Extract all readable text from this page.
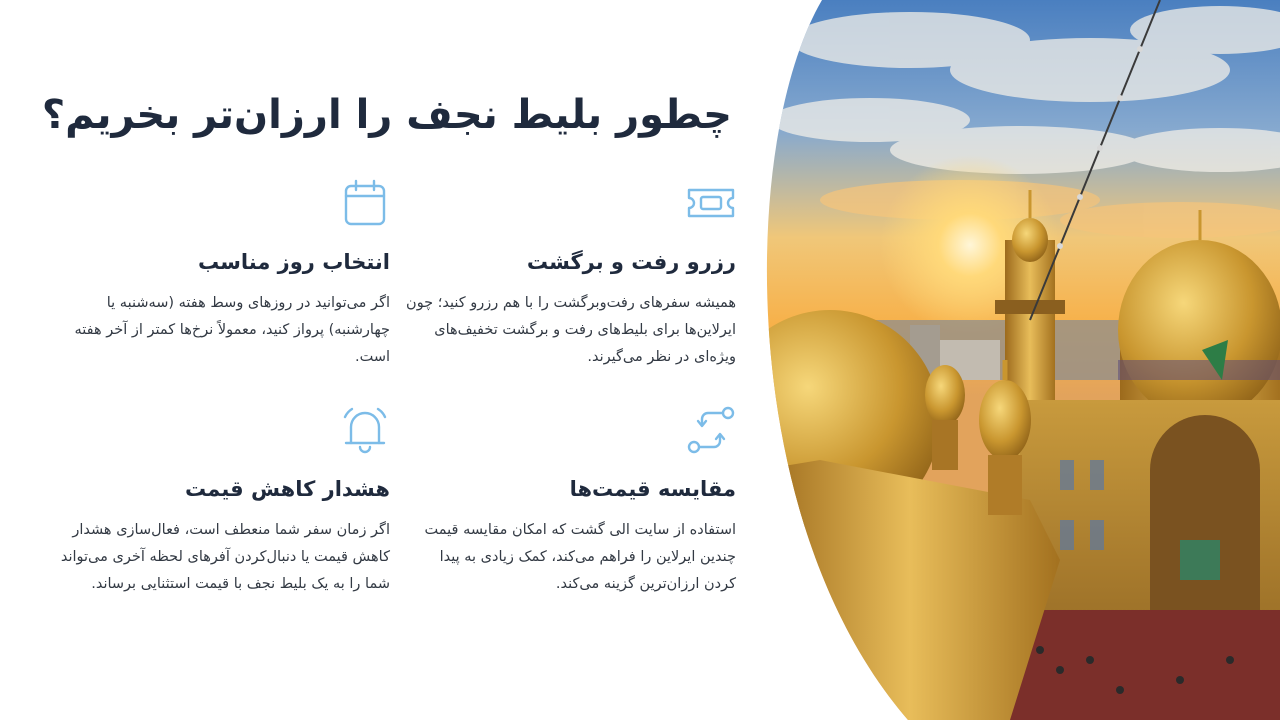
چطور بلیط نجف را ارزان‌تر بخریم؟
رزرو رفت و برگشت

همیشه سفرهای رفت‌وبرگشت را با هم رزرو کنید؛ چون ایرلاین‌ها برای بلیط‌های رفت و برگشت تخفیف‌های ویژه‌ای در نظر می‌گیرند.

انتخاب روز مناسب

اگر می‌توانید در روزهای وسط هفته (سه‌شنبه یا چهارشنبه) پرواز کنید، معمولاً نرخ‌ها کمتر از آخر هفته است.

مقایسه قیمت‌ها

استفاده از سایت الی گشت که امکان مقایسه قیمت چندین ایرلاین را فراهم می‌کند، کمک زیادی به پیدا کردن ارزان‌ترین گزینه می‌کند.

هشدار کاهش قیمت

اگر زمان سفر شما منعطف است، فعال‌سازی هشدار کاهش قیمت یا دنبال‌کردن آفرهای لحظه آخری می‌تواند شما را به یک بلیط نجف با قیمت استثنایی برساند.
